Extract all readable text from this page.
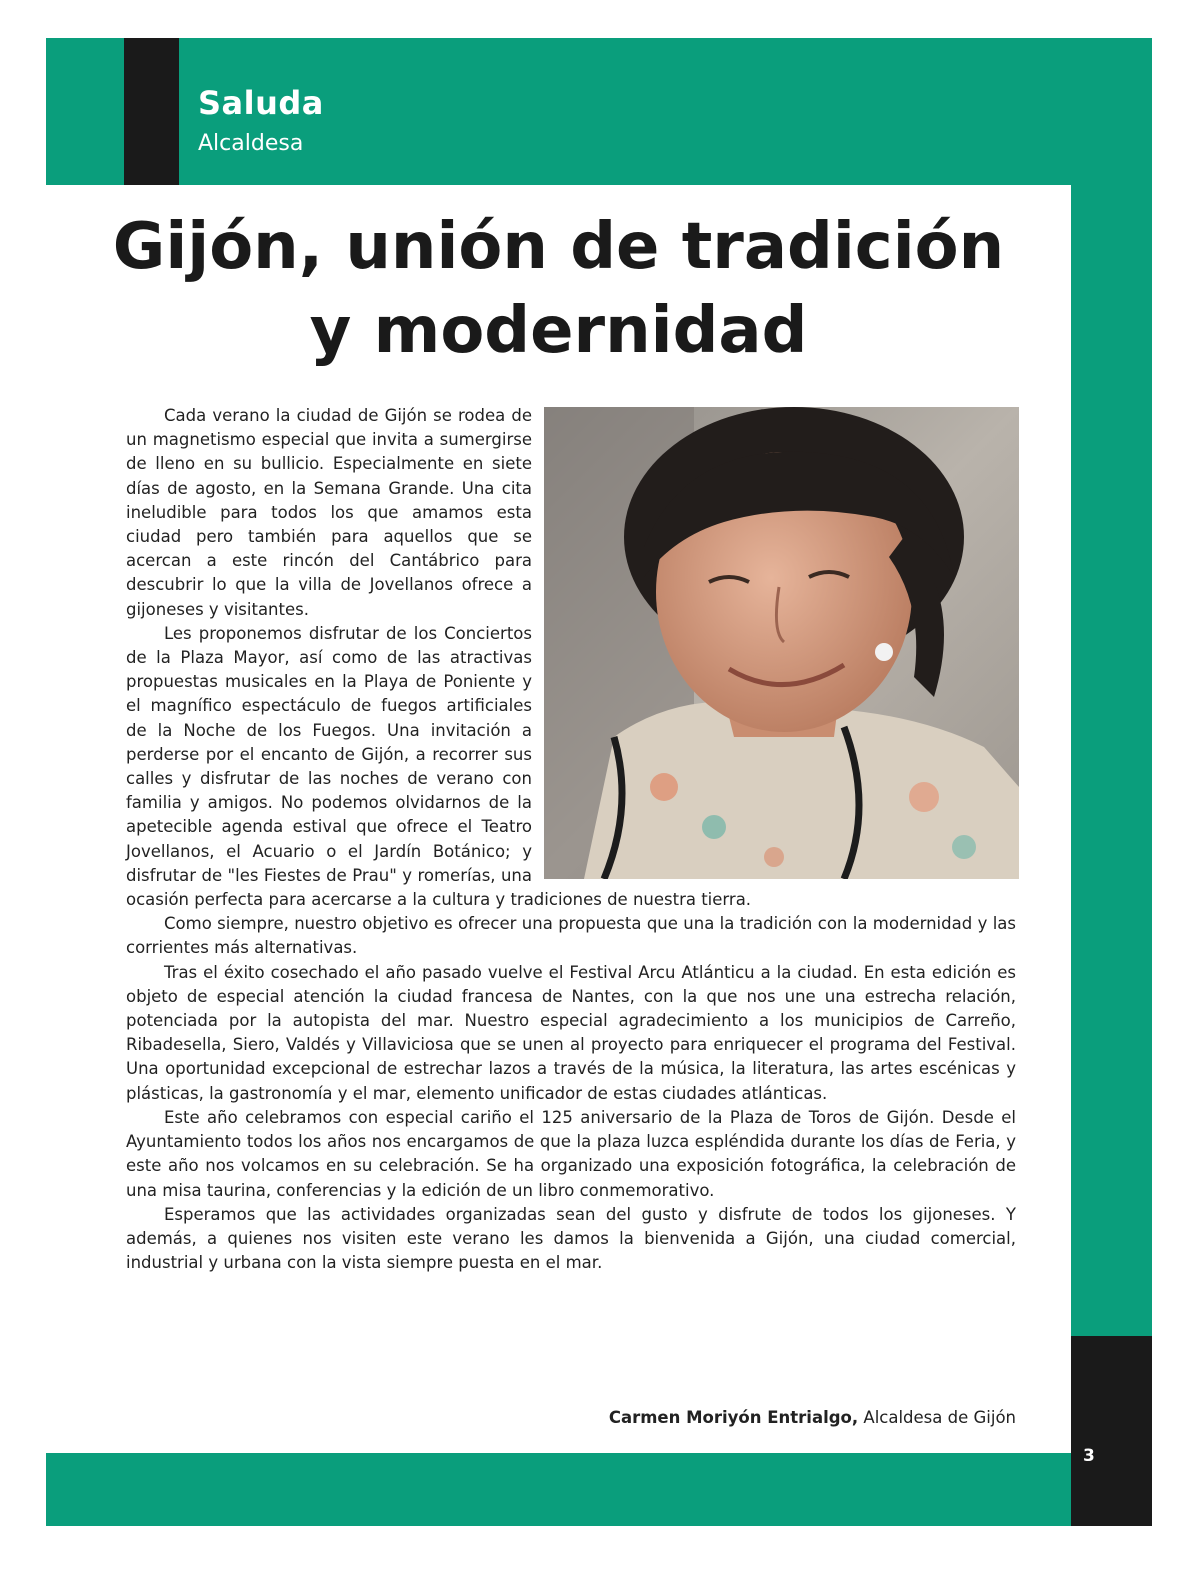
Saluda

Alcaldesa

Gijón, unión de tradición
y modernidad

Cada verano la ciudad de Gijón se rodea de un magnetismo especial que invita a sumergirse de lleno en su bullicio. Especialmente en siete días de agosto, en la Semana Grande. Una cita ineludible para todos los que amamos esta ciudad pero también para aquellos que se acercan a este rincón del Cantábrico para descubrir lo que la villa de Jovellanos ofrece a gijoneses y visitantes.

Les proponemos disfrutar de los Conciertos de la Plaza Mayor, así como de las atractivas propuestas musicales en la Playa de Poniente y el magnífico espectáculo de fuegos artificiales de la Noche de los Fuegos. Una invitación a perderse por el encanto de Gijón, a recorrer sus calles y disfrutar de las noches de verano con familia y amigos. No podemos olvidarnos de la apetecible agenda estival que ofrece el Teatro Jovellanos, el Acuario o el Jardín Botánico; y disfrutar de "les Fiestes de Prau" y romerías, una ocasión perfecta para acercarse a la cultura y tradiciones de nuestra tierra.

Como siempre, nuestro objetivo es ofrecer una propuesta que una la tradición con la modernidad y las corrientes más alternativas.

Tras el éxito cosechado el año pasado vuelve el Festival Arcu Atlánticu a la ciudad. En esta edición es objeto de especial atención la ciudad francesa de Nantes, con la que nos une una estrecha relación, potenciada por la autopista del mar. Nuestro especial agradecimiento a los municipios de Carreño, Ribadesella, Siero, Valdés y Villaviciosa que se unen al proyecto para enriquecer el programa del Festival. Una oportunidad excepcional de estrechar lazos a través de la música, la literatura, las artes escénicas y plásticas, la gastronomía y el mar, elemento unificador de estas ciudades atlánticas.

Este año celebramos con especial cariño el 125 aniversario de la Plaza de Toros de Gijón. Desde el Ayuntamiento todos los años nos encargamos de que la plaza luzca espléndida durante los días de Feria, y este año nos volcamos en su celebración. Se ha organizado una exposición fotográfica, la celebración de una misa taurina, conferencias y la edición de un libro conmemorativo.

Esperamos que las actividades organizadas sean del gusto y disfrute de todos los gijoneses. Y además, a quienes nos visiten este verano les damos la bienvenida a Gijón, una ciudad comercial, industrial y urbana con la vista siempre puesta en el mar.

Carmen Moriyón Entrialgo, Alcaldesa de Gijón

3
